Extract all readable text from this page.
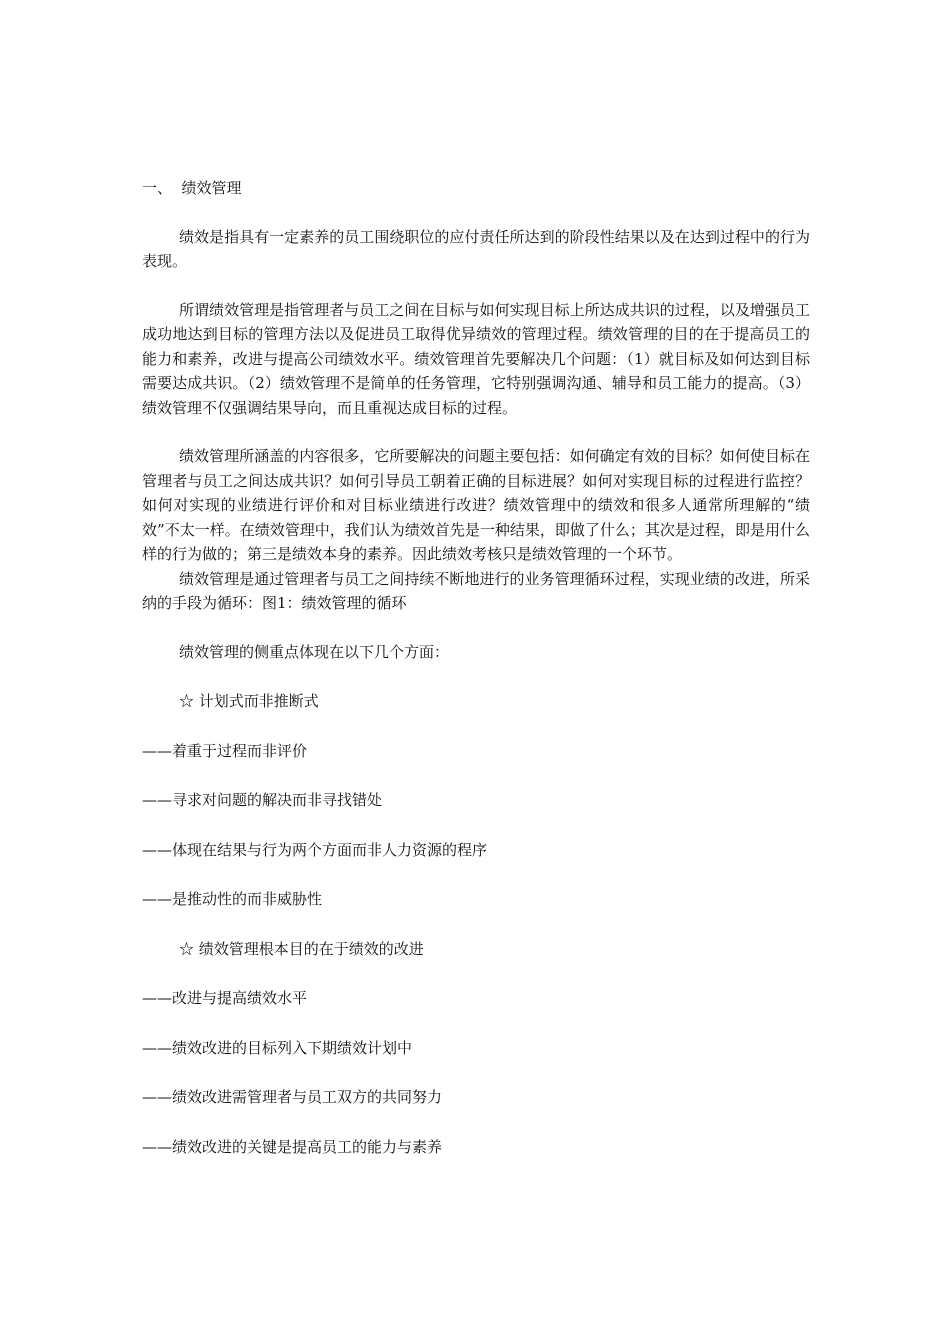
一、  绩效管理

绩效是指具有一定素养的员工围绕职位的应付责任所达到的阶段性结果以及在达到过程中的行为表现。

所谓绩效管理是指管理者与员工之间在目标与如何实现目标上所达成共识的过程，以及增强员工成功地达到目标的管理方法以及促进员工取得优异绩效的管理过程。绩效管理的目的在于提高员工的能力和素养，改进与提高公司绩效水平。绩效管理首先要解决几个问题：（1）就目标及如何达到目标需要达成共识。（2）绩效管理不是简单的任务管理，它特别强调沟通、辅导和员工能力的提高。（3）绩效管理不仅强调结果导向，而且重视达成目标的过程。

绩效管理所涵盖的内容很多，它所要解决的问题主要包括：如何确定有效的目标？如何使目标在管理者与员工之间达成共识？如何引导员工朝着正确的目标进展？如何对实现目标的过程进行监控？如何对实现的业绩进行评价和对目标业绩进行改进？绩效管理中的绩效和很多人通常所理解的“绩效”不太一样。在绩效管理中，我们认为绩效首先是一种结果，即做了什么；其次是过程，即是用什么样的行为做的；第三是绩效本身的素养。因此绩效考核只是绩效管理的一个环节。

绩效管理是通过管理者与员工之间持续不断地进行的业务管理循环过程，实现业绩的改进，所采纳的手段为循环：图1：绩效管理的循环

绩效管理的侧重点体现在以下几个方面：

☆ 计划式而非推断式

——着重于过程而非评价

——寻求对问题的解决而非寻找错处

——体现在结果与行为两个方面而非人力资源的程序

——是推动性的而非威胁性

☆ 绩效管理根本目的在于绩效的改进

——改进与提高绩效水平

——绩效改进的目标列入下期绩效计划中

——绩效改进需管理者与员工双方的共同努力

——绩效改进的关键是提高员工的能力与素养
